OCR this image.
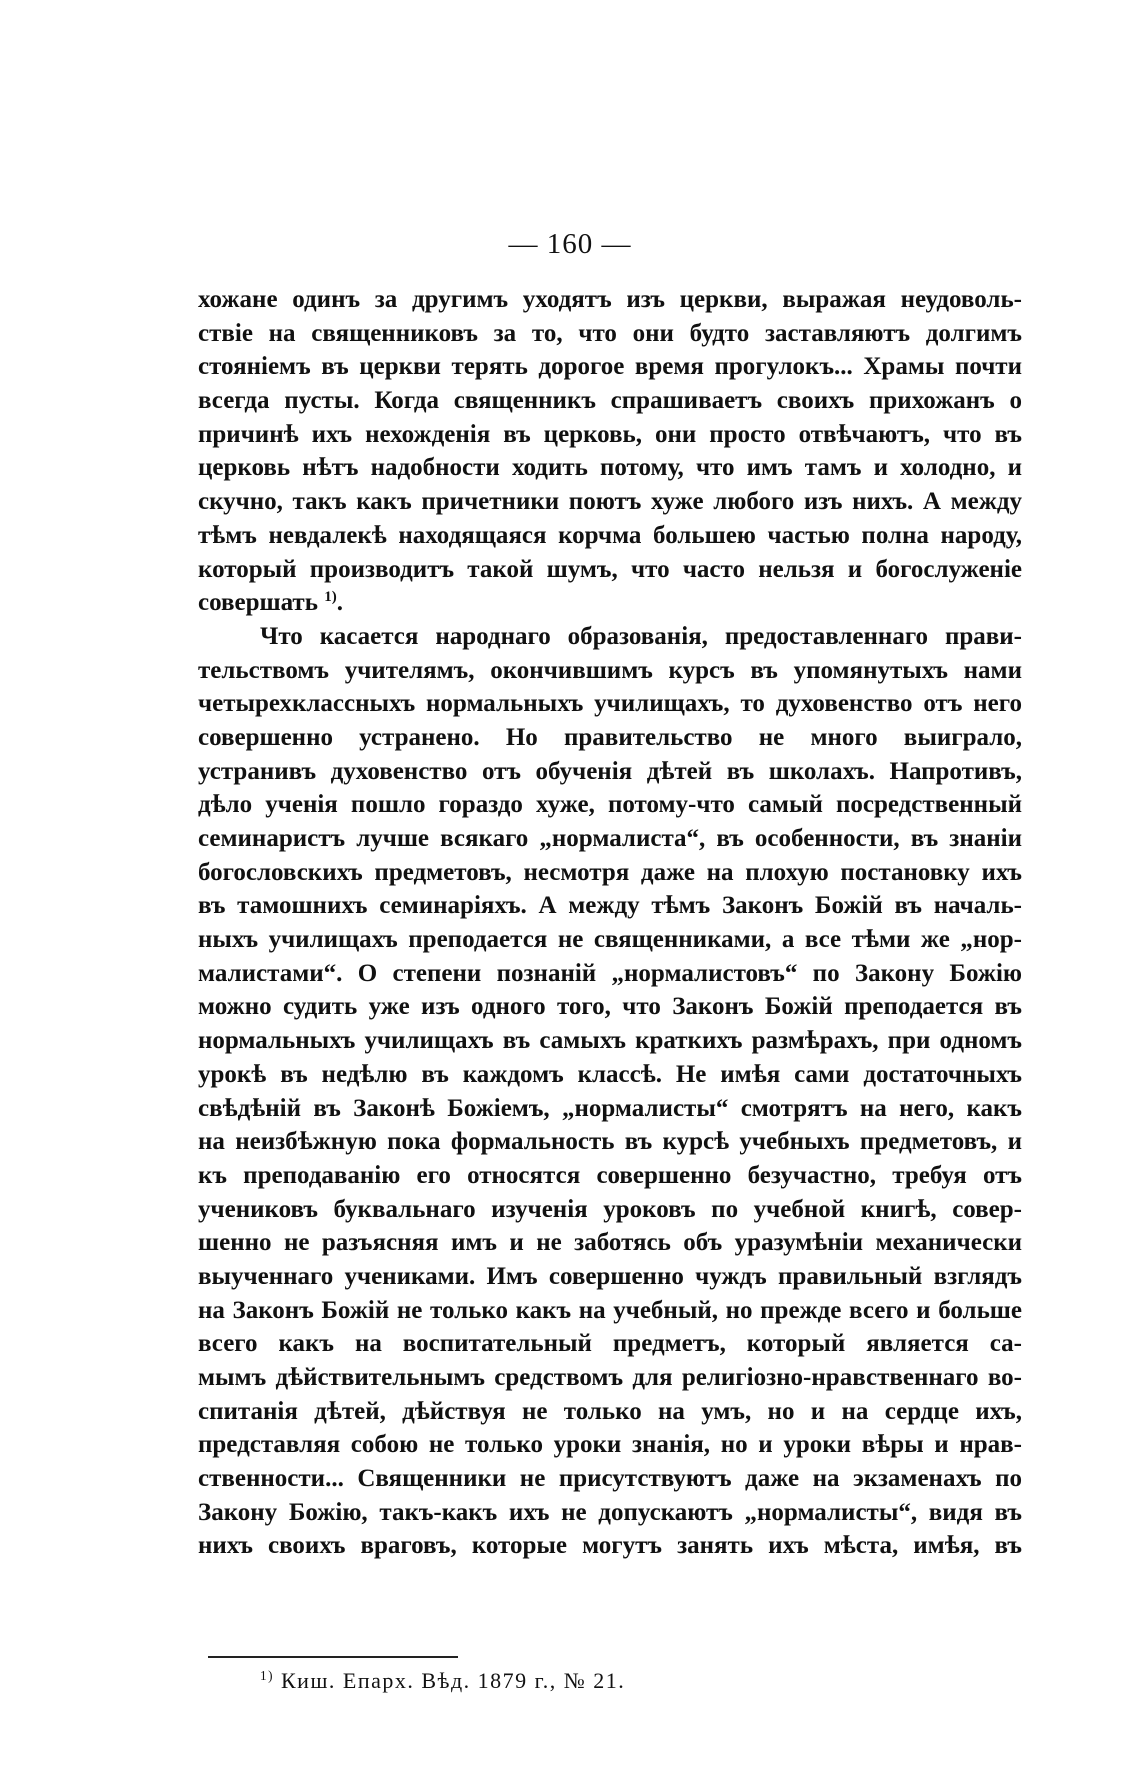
— 160 —
хожане одинъ за другимъ уходятъ изъ церкви, выражая неудоволь-
ствіе на священниковъ за то, что они будто заставляютъ долгимъ
стояніемъ въ церкви терять дорогое время прогулокъ... Храмы почти
всегда пусты. Когда священникъ спрашиваетъ своихъ прихожанъ о
причинѣ ихъ нехожденія въ церковь, они просто отвѣчаютъ, что въ
церковь нѣтъ надобности ходить потому, что имъ тамъ и холодно, и
скучно, такъ какъ причетники поютъ хуже любого изъ нихъ. А между
тѣмъ невдалекѣ находящаяся корчма большею частью полна народу,
который производитъ такой шумъ, что часто нельзя и богослуженіе
совершать $^{1)}$.
Что касается народнаго образованія, предоставленнаго прави-
тельствомъ учителямъ, окончившимъ курсъ въ упомянутыхъ нами
четырехклассныхъ нормальныхъ училищахъ, то духовенство отъ него
совершенно устранено. Но правительство не много выиграло,
устранивъ духовенство отъ обученія дѣтей въ школахъ. Напротивъ,
дѣло ученія пошло гораздо хуже, потому-что самый посредственный
семинаристъ лучше всякаго „нормалиста“, въ особенности, въ знаніи
богословскихъ предметовъ, несмотря даже на плохую постановку ихъ
въ тамошнихъ семинаріяхъ. А между тѣмъ Законъ Божій въ началь-
ныхъ училищахъ преподается не священниками, а все тѣми же „нор-
малистами“. О степени познаній „нормалистовъ“ по Закону Божію
можно судить уже изъ одного того, что Законъ Божій преподается въ
нормальныхъ училищахъ въ самыхъ краткихъ размѣрахъ, при одномъ
урокѣ въ недѣлю въ каждомъ классѣ. Не имѣя сами достаточныхъ
свѣдѣній въ Законѣ Божіемъ, „нормалисты“ смотрятъ на него, какъ
на неизбѣжную пока формальность въ курсѣ учебныхъ предметовъ, и
къ преподаванію его относятся совершенно безучастно, требуя отъ
учениковъ буквальнаго изученія уроковъ по учебной книгѣ, совер-
шенно не разъясняя имъ и не заботясь объ уразумѣніи механически
выученнаго учениками. Имъ совершенно чуждъ правильный взглядъ
на Законъ Божій не только какъ на учебный, но прежде всего и больше
всего какъ на воспитательный предметъ, который является са-
мымъ дѣйствительнымъ средствомъ для религіозно-нравственнаго во-
спитанія дѣтей, дѣйствуя не только на умъ, но и на сердце ихъ,
представляя собою не только уроки знанія, но и уроки вѣры и нрав-
ственности... Священники не присутствуютъ даже на экзаменахъ по
Закону Божію, такъ-какъ ихъ не допускаютъ „нормалисты“, видя въ
нихъ своихъ враговъ, которые могутъ занять ихъ мѣста, имѣя, въ
$^{1)}$ Киш. Епарх. Вѣд. 1879 г., № 21.
